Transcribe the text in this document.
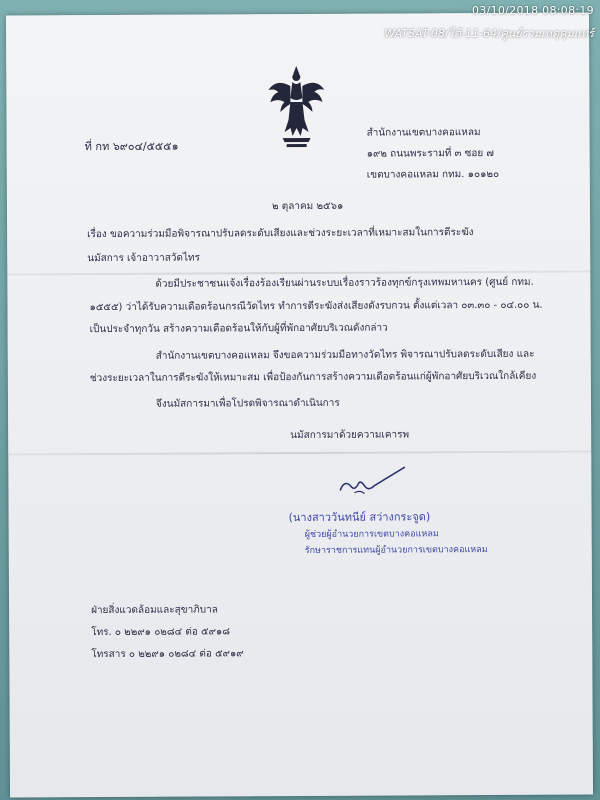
03/10/2018 08:08:19
WATSAT-08/ใต้-11-64/ศูนย์รวมเหตุคุมแทร์
ที่ กท ๖๙๐๔/๕๕๕๑
สำนักงานเขตบางคอแหลม
๑๙๒ ถนนพระรามที่ ๓ ซอย ๗
เขตบางคอแหลม กทม. ๑๐๑๒๐
๒ ตุลาคม ๒๕๖๑
เรื่อง ขอความร่วมมือพิจารณาปรับลดระดับเสียงและช่วงระยะเวลาที่เหมาะสมในการตีระฆัง
นมัสการ เจ้าอาวาสวัดไทร
ด้วยมีประชาชนแจ้งเรื่องร้องเรียนผ่านระบบเรื่องราวร้องทุกข์กรุงเทพมหานคร (ศูนย์ กทม.
๑๕๕๕) ว่าได้รับความเดือดร้อนกรณีวัดไทร ทำการตีระฆังส่งเสียงดังรบกวน ตั้งแต่เวลา ๐๓.๓๐ - ๐๔.๐๐ น.
เป็นประจำทุกวัน สร้างความเดือดร้อนให้กับผู้ที่พักอาศัยบริเวณดังกล่าว
สำนักงานเขตบางคอแหลม จึงขอความร่วมมือทางวัดไทร พิจารณาปรับลดระดับเสียง และ
ช่วงระยะเวลาในการตีระฆังให้เหมาะสม เพื่อป้องกันการสร้างความเดือดร้อนแก่ผู้พักอาศัยบริเวณใกล้เคียง
จึงนมัสการมาเพื่อโปรดพิจารณาดำเนินการ
นมัสการมาด้วยความเคารพ
(นางสาววันทนีย์ สว่างกระจูด)
ผู้ช่วยผู้อำนวยการเขตบางคอแหลม
รักษาราชการแทนผู้อำนวยการเขตบางคอแหลม
ฝ่ายสิ่งแวดล้อมและสุขาภิบาล
โทร. ๐ ๒๒๙๑ ๐๒๘๔ ต่อ ๕๙๑๘
โทรสาร ๐ ๒๒๙๑ ๐๒๘๔ ต่อ ๕๙๑๙
